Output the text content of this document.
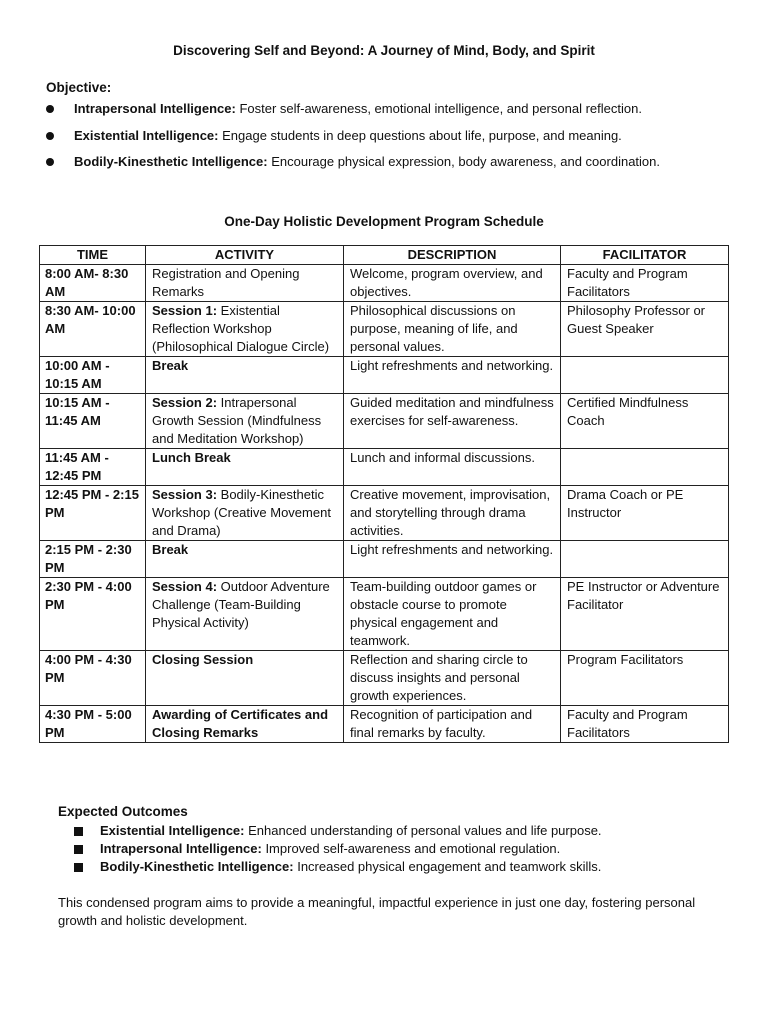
Discovering Self and Beyond: A Journey of Mind, Body, and Spirit
Objective:
Intrapersonal Intelligence: Foster self-awareness, emotional intelligence, and personal reflection.
Existential Intelligence: Engage students in deep questions about life, purpose, and meaning.
Bodily-Kinesthetic Intelligence: Encourage physical expression, body awareness, and coordination.
One-Day Holistic Development Program Schedule
TIME	ACTIVITY	DESCRIPTION	FACILITATOR
8:00 AM- 8:30 AM	Registration and Opening Remarks	Welcome, program overview, and objectives.	Faculty and Program Facilitators
8:30 AM- 10:00 AM	Session 1: Existential Reflection Workshop (Philosophical Dialogue Circle)	Philosophical discussions on purpose, meaning of life, and personal values.	Philosophy Professor or Guest Speaker
10:00 AM - 10:15 AM	Break	Light refreshments and networking.	
10:15 AM - 11:45 AM	Session 2: Intrapersonal Growth Session (Mindfulness and Meditation Workshop)	Guided meditation and mindfulness exercises for self-awareness.	Certified Mindfulness Coach
11:45 AM - 12:45 PM	Lunch Break	Lunch and informal discussions.	
12:45 PM - 2:15 PM	Session 3: Bodily-Kinesthetic Workshop (Creative Movement and Drama)	Creative movement, improvisation, and storytelling through drama activities.	Drama Coach or PE Instructor
2:15 PM - 2:30 PM	Break	Light refreshments and networking.	
2:30 PM - 4:00 PM	Session 4: Outdoor Adventure Challenge (Team-Building Physical Activity)	Team-building outdoor games or obstacle course to promote physical engagement and teamwork.	PE Instructor or Adventure Facilitator
4:00 PM - 4:30 PM	Closing Session	Reflection and sharing circle to discuss insights and personal growth experiences.	Program Facilitators
4:30 PM - 5:00 PM	Awarding of Certificates and Closing Remarks	Recognition of participation and final remarks by faculty.	Faculty and Program Facilitators
Expected Outcomes
Existential Intelligence: Enhanced understanding of personal values and life purpose.
Intrapersonal Intelligence: Improved self-awareness and emotional regulation.
Bodily-Kinesthetic Intelligence: Increased physical engagement and teamwork skills.
This condensed program aims to provide a meaningful, impactful experience in just one day, fostering personal growth and holistic development.
